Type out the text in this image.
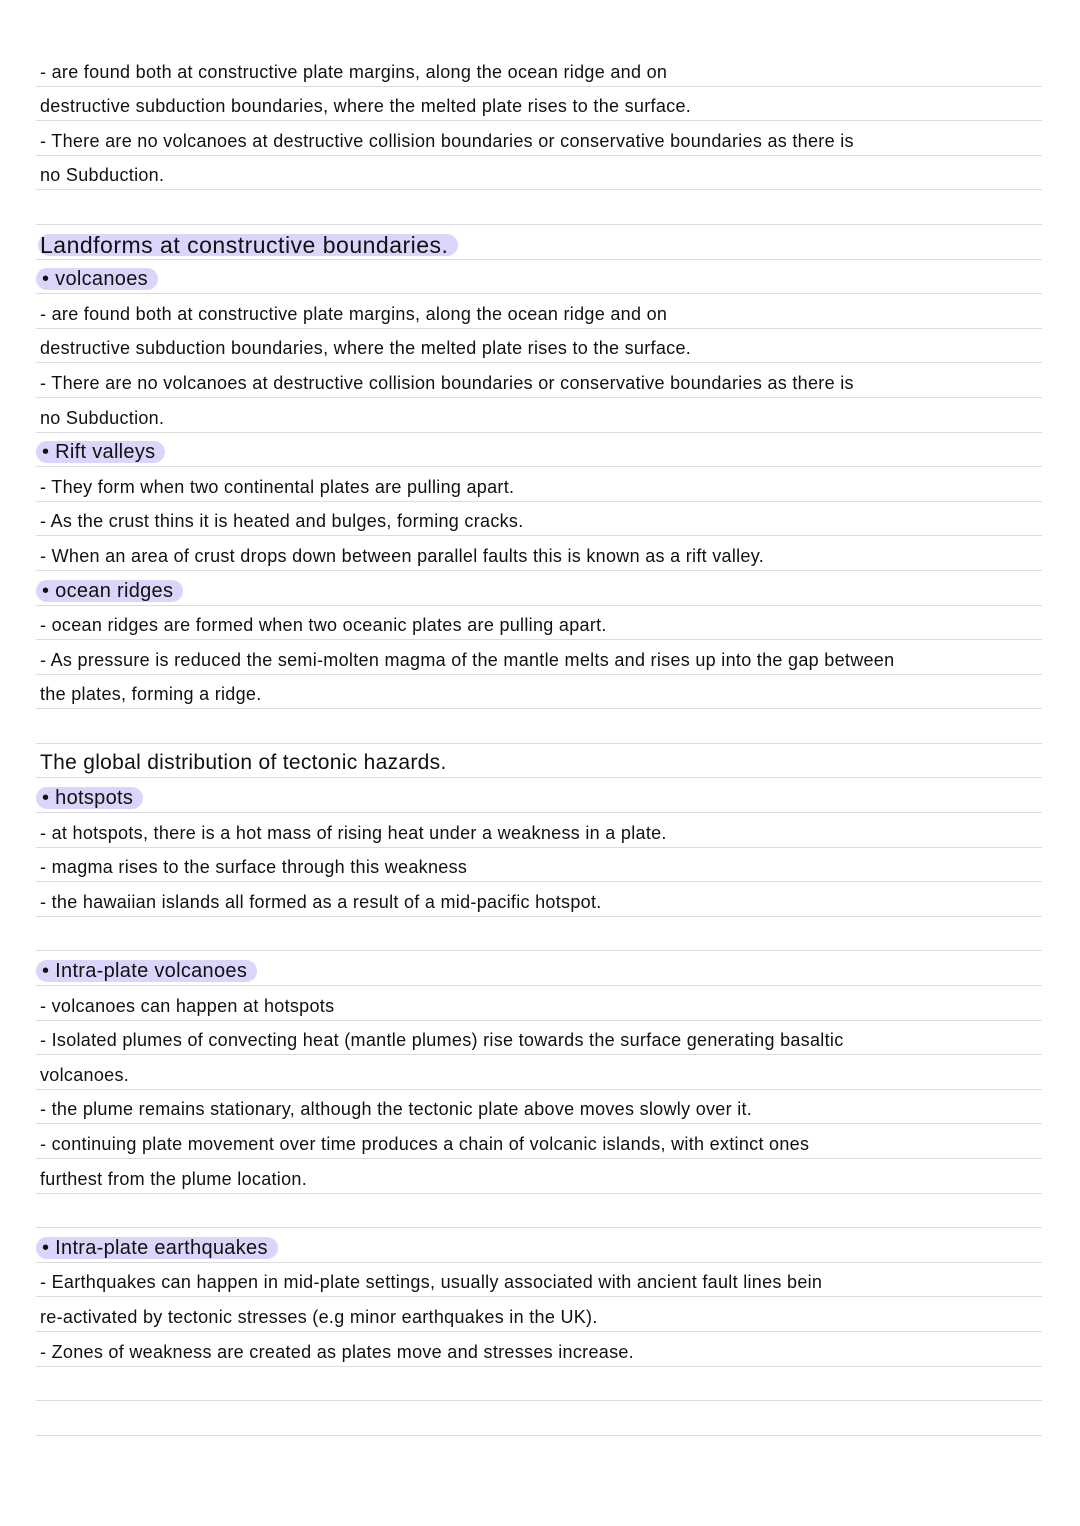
- are found both at constructive plate margins, along the ocean ridge and on
destructive subduction boundaries, where the melted plate rises to the surface.
- There are no volcanoes at destructive collision boundaries or conservative boundaries as there is
no Subduction.
Landforms at constructive boundaries.
• volcanoes
- are found both at constructive plate margins, along the ocean ridge and on
destructive subduction boundaries, where the melted plate rises to the surface.
- There are no volcanoes at destructive collision boundaries or conservative boundaries as there is
no Subduction.
• Rift valleys
- They form when two continental plates are pulling apart.
- As the crust thins it is heated and bulges, forming cracks.
- When an area of crust drops down between parallel faults this is known as a rift valley.
• ocean ridges
- ocean ridges are formed when two oceanic plates are pulling apart.
- As pressure is reduced the semi-molten magma of the mantle melts and rises up into the gap between
the plates, forming a ridge.
The global distribution of tectonic hazards.
• hotspots
- at hotspots, there is a hot mass of rising heat under a weakness in a plate.
- magma rises to the surface through this weakness
- the hawaiian islands all formed as a result of a mid-pacific hotspot.
• Intra-plate volcanoes
- volcanoes can happen at hotspots
- Isolated plumes of convecting heat (mantle plumes) rise towards the surface generating basaltic
volcanoes.
- the plume remains stationary, although the tectonic plate above moves slowly over it.
- continuing plate movement over time produces a chain of volcanic islands, with extinct ones
furthest from the plume location.
• Intra-plate earthquakes
- Earthquakes can happen in mid-plate settings, usually associated with ancient fault lines bein
re-activated by tectonic stresses (e.g minor earthquakes in the UK).
- Zones of weakness are created as plates move and stresses increase.
